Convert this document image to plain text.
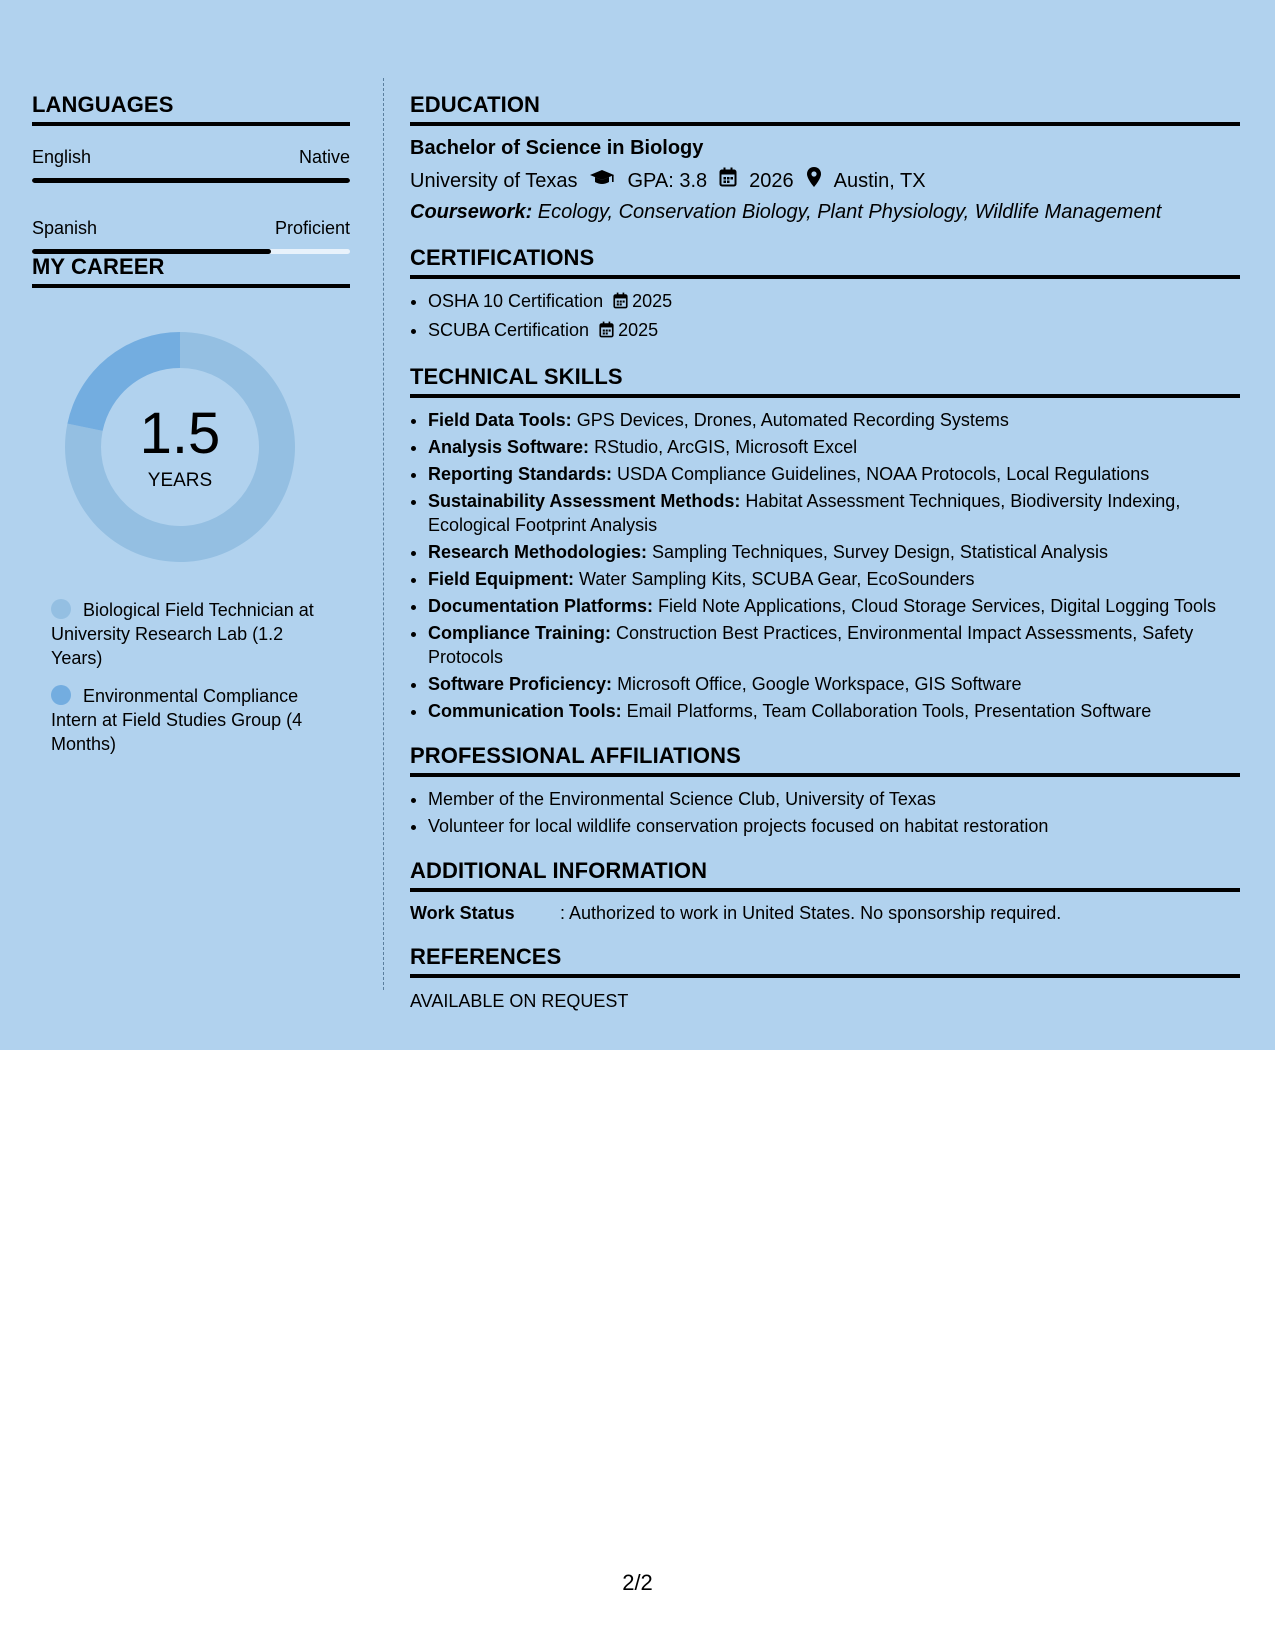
LANGUAGES
English	Native
Spanish	Proficient
MY CAREER
1.5
YEARS
Biological Field Technician at University Research Lab (1.2 Years)
Environmental Compliance Intern at Field Studies Group (4 Months)
EDUCATION
Bachelor of Science in Biology
University of Texas	GPA: 3.8 2026 Austin, TX
Coursework: Ecology, Conservation Biology, Plant Physiology, Wildlife Management
CERTIFICATIONS
• OSHA 10 Certification 2025
• SCUBA Certification 2025
TECHNICAL SKILLS
• Field Data Tools: GPS Devices, Drones, Automated Recording Systems
• Analysis Software: RStudio, ArcGIS, Microsoft Excel
• Reporting Standards: USDA Compliance Guidelines, NOAA Protocols, Local Regulations
• Sustainability Assessment Methods: Habitat Assessment Techniques, Biodiversity Indexing, Ecological Footprint Analysis
• Research Methodologies: Sampling Techniques, Survey Design, Statistical Analysis
• Field Equipment: Water Sampling Kits, SCUBA Gear, EcoSounders
• Documentation Platforms: Field Note Applications, Cloud Storage Services, Digital Logging Tools
• Compliance Training: Construction Best Practices, Environmental Impact Assessments, Safety Protocols
• Software Proficiency: Microsoft Office, Google Workspace, GIS Software
• Communication Tools: Email Platforms, Team Collaboration Tools, Presentation Software
PROFESSIONAL AFFILIATIONS
• Member of the Environmental Science Club, University of Texas
• Volunteer for local wildlife conservation projects focused on habitat restoration
ADDITIONAL INFORMATION
Work Status	: Authorized to work in United States. No sponsorship required.
REFERENCES
AVAILABLE ON REQUEST
2/2
